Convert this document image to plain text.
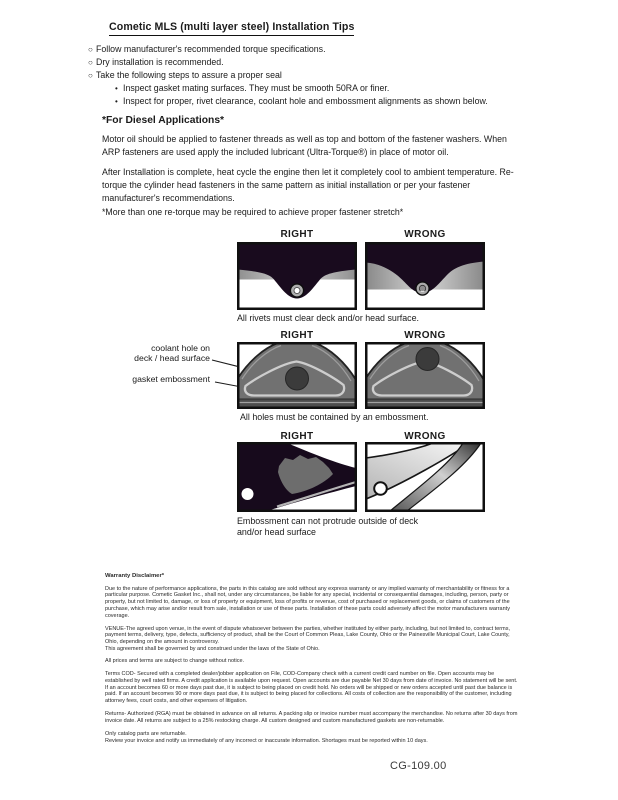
Cometic MLS (multi layer steel) Installation Tips
○ Follow manufacturer's recommended torque specifications.
○ Dry installation is recommended.
○ Take the following steps to assure a proper seal
• Inspect gasket mating surfaces. They must be smooth 50RA or finer.
• Inspect for proper, rivet clearance, coolant hole and embossment alignments as shown below.
*For Diesel Applications*
Motor oil should be applied to fastener threads as well as top and bottom of the fastener washers. When ARP fasteners are used apply the included lubricant (Ultra-Torque®) in place of motor oil.
After Installation is complete, heat cycle the engine then let it completely cool to ambient temperature. Re-torque the cylinder head fasteners in the same pattern as initial installation or per your fastener manufacturer's recommendations.
*More than one re-torque may be required to achieve proper fastener stretch*
RIGHT	WRONG
All rivets must clear deck and/or head surface.
RIGHT	WRONG
coolant hole on
deck / head surface
gasket embossment
All holes must be contained by an embossment.
RIGHT	WRONG
Embossment can not protrude outside of deck
and/or head surface
Warranty Disclaimer*

Due to the nature of performance applications, the parts in this catalog are sold without any express warranty or any implied warranty of merchantability or fitness for a particular purpose. Cometic Gasket Inc., shall not, under any circumstances, be liable for any special, incidental or consequential damages, including, person, party or property, but not limited to, damage, or loss of property or equipment, loss of profits or revenue, cost of purchased or replacement goods, or claims of customers of the purchase, which may arise and/or result from sale, installation or use of these parts. Installation of these parts could adversely affect the motor manufacturers warranty coverage.

VENUE-The agreed upon venue, in the event of dispute whatsoever between the parties, whether instituted by either party, including, but not limited to, contract terms, payment terms, delivery, type, defects, sufficiency of product, shall be the Court of Common Pleas, Lake County, Ohio or the Painesville Municipal Court, Lake County, Ohio, depending on the amount in controversy.
This agreement shall be governed by and construed under the laws of the State of Ohio.

All prices and terms are subject to change without notice.

Terms COD- Secured with a completed dealer/jobber application on File, COD-Company check with a current credit card number on file. Open accounts may be established by well rated firms. A credit application is available upon request. Open accounts are due payable Net 30 days from date of invoice. No statement will be sent. If an account becomes 60 or more days past due, it is subject to being placed on credit hold. No orders will be shipped or new orders accepted until past due balance is paid. If an account becomes 90 or more days past due, it is subject to being placed for collections. All costs of collection are the responsibility of the customer, including attorney fees, court costs, and other expenses of litigation.

Returns- Authorized (RGA) must be obtained in advance on all returns. A packing slip or invoice number must accompany the merchandise. No returns after 30 days from invoice date. All returns are subject to a 25% restocking charge. All custom designed and custom manufactured gaskets are non-returnable.

Only catalog parts are returnable.
Review your invoice and notify us immediately of any incorrect or inaccurate information. Shortages must be reported within 10 days.

CG-109.00
